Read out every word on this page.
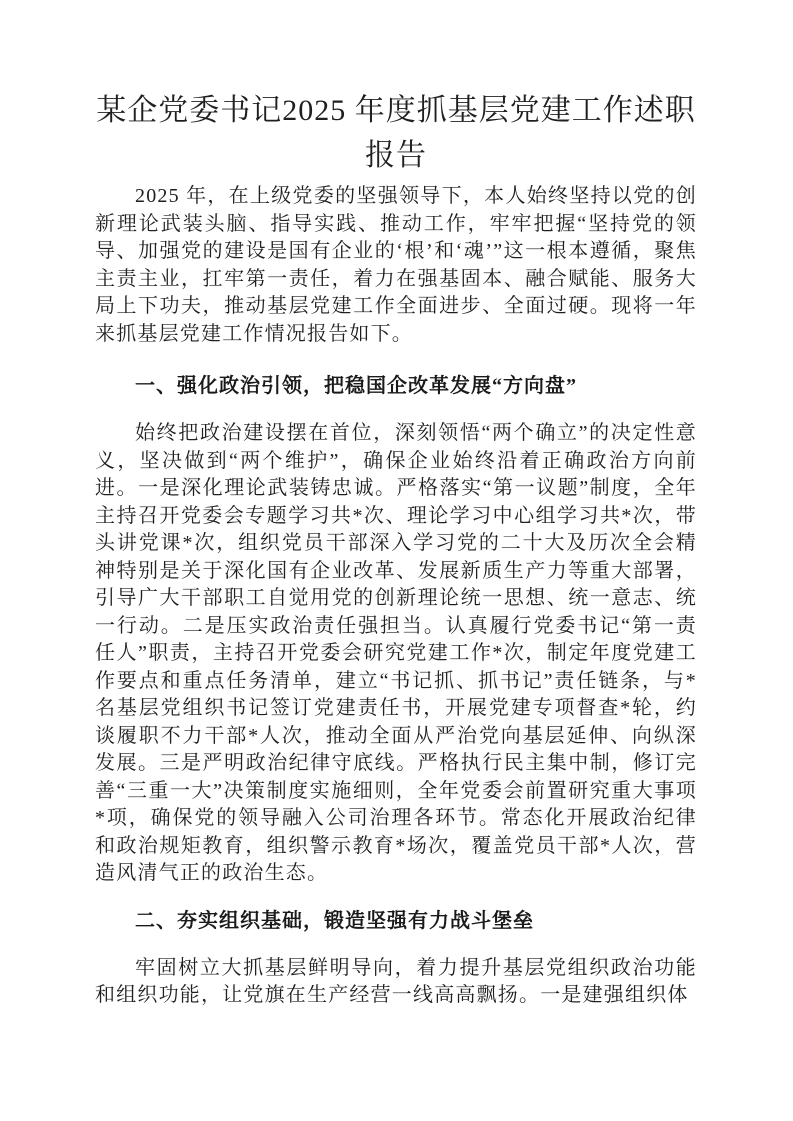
某企党委书记2025 年度抓基层党建工作述职
报告

2025 年，在上级党委的坚强领导下，本人始终坚持以党的创新理论武装头脑、指导实践、推动工作，牢牢把握“坚持党的领导、加强党的建设是国有企业的‘根’和‘魂’”这一根本遵循，聚焦主责主业，扛牢第一责任，着力在强基固本、融合赋能、服务大局上下功夫，推动基层党建工作全面进步、全面过硬。现将一年来抓基层党建工作情况报告如下。

一、强化政治引领，把稳国企改革发展“方向盘”

始终把政治建设摆在首位，深刻领悟“两个确立”的决定性意义，坚决做到“两个维护”，确保企业始终沿着正确政治方向前进。一是深化理论武装铸忠诚。严格落实“第一议题”制度，全年主持召开党委会专题学习共*次、理论学习中心组学习共*次，带头讲党课*次，组织党员干部深入学习党的二十大及历次全会精神特别是关于深化国有企业改革、发展新质生产力等重大部署，引导广大干部职工自觉用党的创新理论统一思想、统一意志、统一行动。二是压实政治责任强担当。认真履行党委书记“第一责任人”职责，主持召开党委会研究党建工作*次，制定年度党建工作要点和重点任务清单，建立“书记抓、抓书记”责任链条，与*名基层党组织书记签订党建责任书，开展党建专项督查*轮，约谈履职不力干部*人次，推动全面从严治党向基层延伸、向纵深发展。三是严明政治纪律守底线。严格执行民主集中制，修订完善“三重一大”决策制度实施细则，全年党委会前置研究重大事项*项，确保党的领导融入公司治理各环节。常态化开展政治纪律和政治规矩教育，组织警示教育*场次，覆盖党员干部*人次，营造风清气正的政治生态。

二、夯实组织基础，锻造坚强有力战斗堡垒

牢固树立大抓基层鲜明导向，着力提升基层党组织政治功能和组织功能，让党旗在生产经营一线高高飘扬。一是建强组织体
